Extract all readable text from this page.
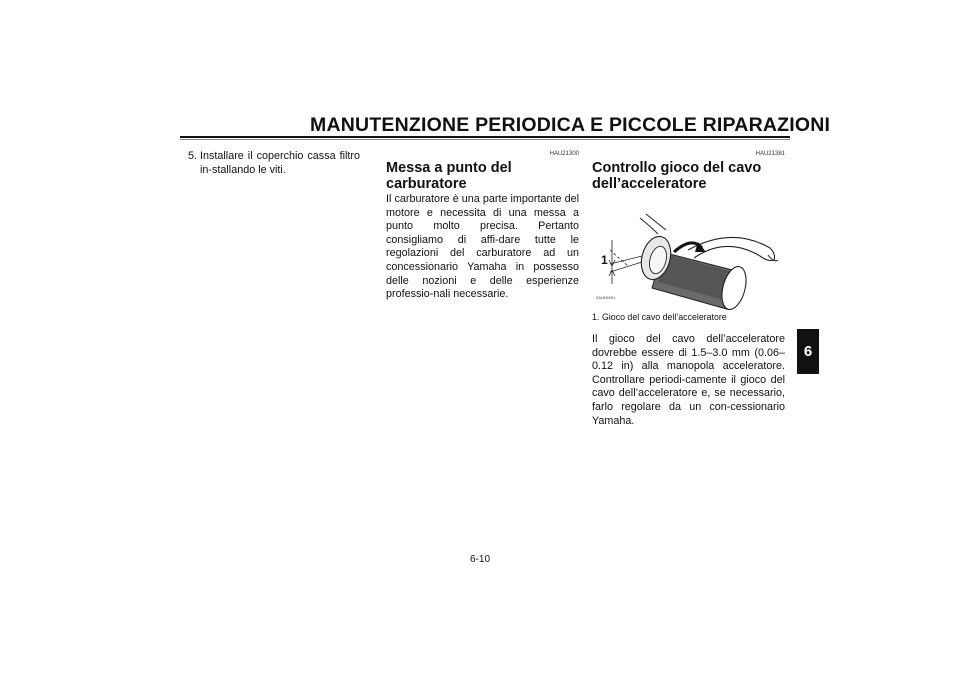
MANUTENZIONE PERIODICA E PICCOLE RIPARAZIONI
5. Installare il coperchio cassa filtro in-stallando le viti.
HAU21300
Messa a punto del carburatore
Il carburatore è una parte importante del motore e necessita di una messa a punto molto precisa. Pertanto consigliamo di affi-dare tutte le regolazioni del carburatore ad un concessionario Yamaha in possesso delle nozioni e delle esperienze professio-nali necessarie.
HAU21381
Controllo gioco del cavo dell’acceleratore
1
ZAUM0051
1. Gioco del cavo dell’acceleratore
Il gioco del cavo dell’acceleratore dovrebbe essere di 1.5–3.0 mm (0.06–0.12 in) alla manopola acceleratore. Controllare periodi-camente il gioco del cavo dell’acceleratore e, se necessario, farlo regolare da un con-cessionario Yamaha.
6
6-10
